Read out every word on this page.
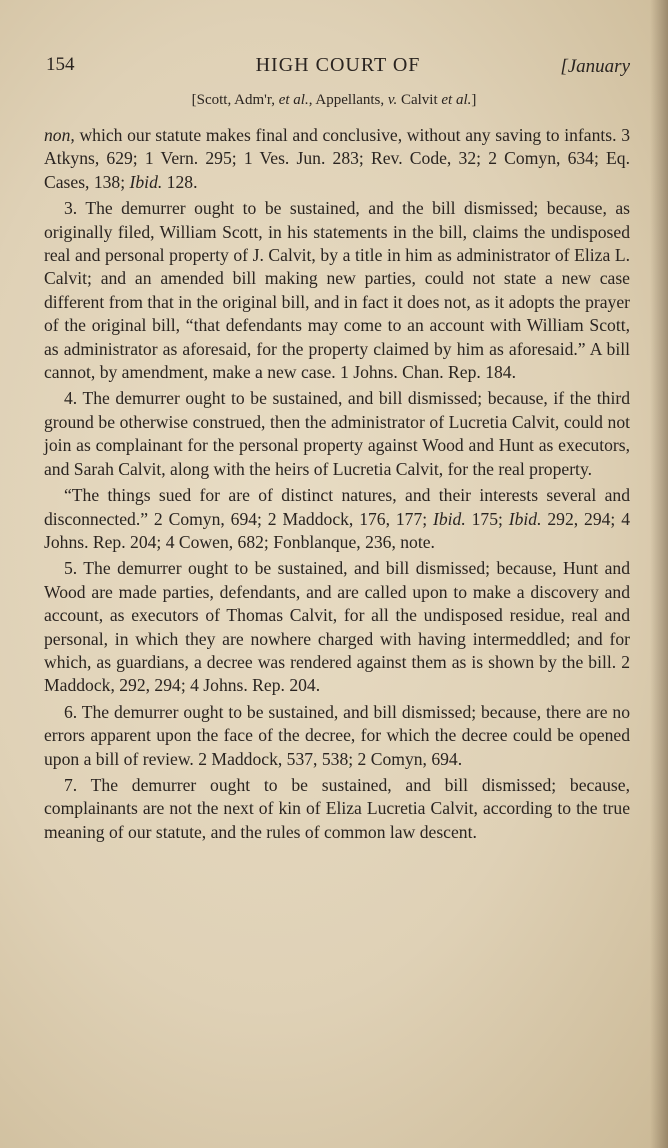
154	HIGH COURT OF	[January
[Scott, Adm'r, et al., Appellants, v. Calvit et al.]

non, which our statute makes final and conclusive, without any saving to infants. 3 Atkyns, 629; 1 Vern. 295; 1 Ves. Jun. 283; Rev. Code, 32; 2 Comyn, 634; Eq. Cases, 138; Ibid. 128.

3. The demurrer ought to be sustained, and the bill dismissed; because, as originally filed, William Scott, in his statements in the bill, claims the undisposed real and personal property of J. Calvit, by a title in him as administrator of Eliza L. Calvit; and an amended bill making new parties, could not state a new case different from that in the original bill, and in fact it does not, as it adopts the prayer of the original bill, “that defendants may come to an account with William Scott, as administrator as aforesaid, for the property claimed by him as aforesaid.” A bill cannot, by amendment, make a new case. 1 Johns. Chan. Rep. 184.

4. The demurrer ought to be sustained, and bill dismissed; because, if the third ground be otherwise construed, then the administrator of Lucretia Calvit, could not join as complainant for the personal property against Wood and Hunt as executors, and Sarah Calvit, along with the heirs of Lucretia Calvit, for the real property.

“The things sued for are of distinct natures, and their interests several and disconnected.” 2 Comyn, 694; 2 Maddock, 176, 177; Ibid. 175; Ibid. 292, 294; 4 Johns. Rep. 204; 4 Cowen, 682; Fonblanque, 236, note.

5. The demurrer ought to be sustained, and bill dismissed; because, Hunt and Wood are made parties, defendants, and are called upon to make a discovery and account, as executors of Thomas Calvit, for all the undisposed residue, real and personal, in which they are nowhere charged with having intermeddled; and for which, as guardians, a decree was rendered against them as is shown by the bill. 2 Maddock, 292, 294; 4 Johns. Rep. 204.

6. The demurrer ought to be sustained, and bill dismissed; because, there are no errors apparent upon the face of the decree, for which the decree could be opened upon a bill of review. 2 Maddock, 537, 538; 2 Comyn, 694.

7. The demurrer ought to be sustained, and bill dismissed; because, complainants are not the next of kin of Eliza Lucretia Calvit, according to the true meaning of our statute, and the rules of common law descent.
